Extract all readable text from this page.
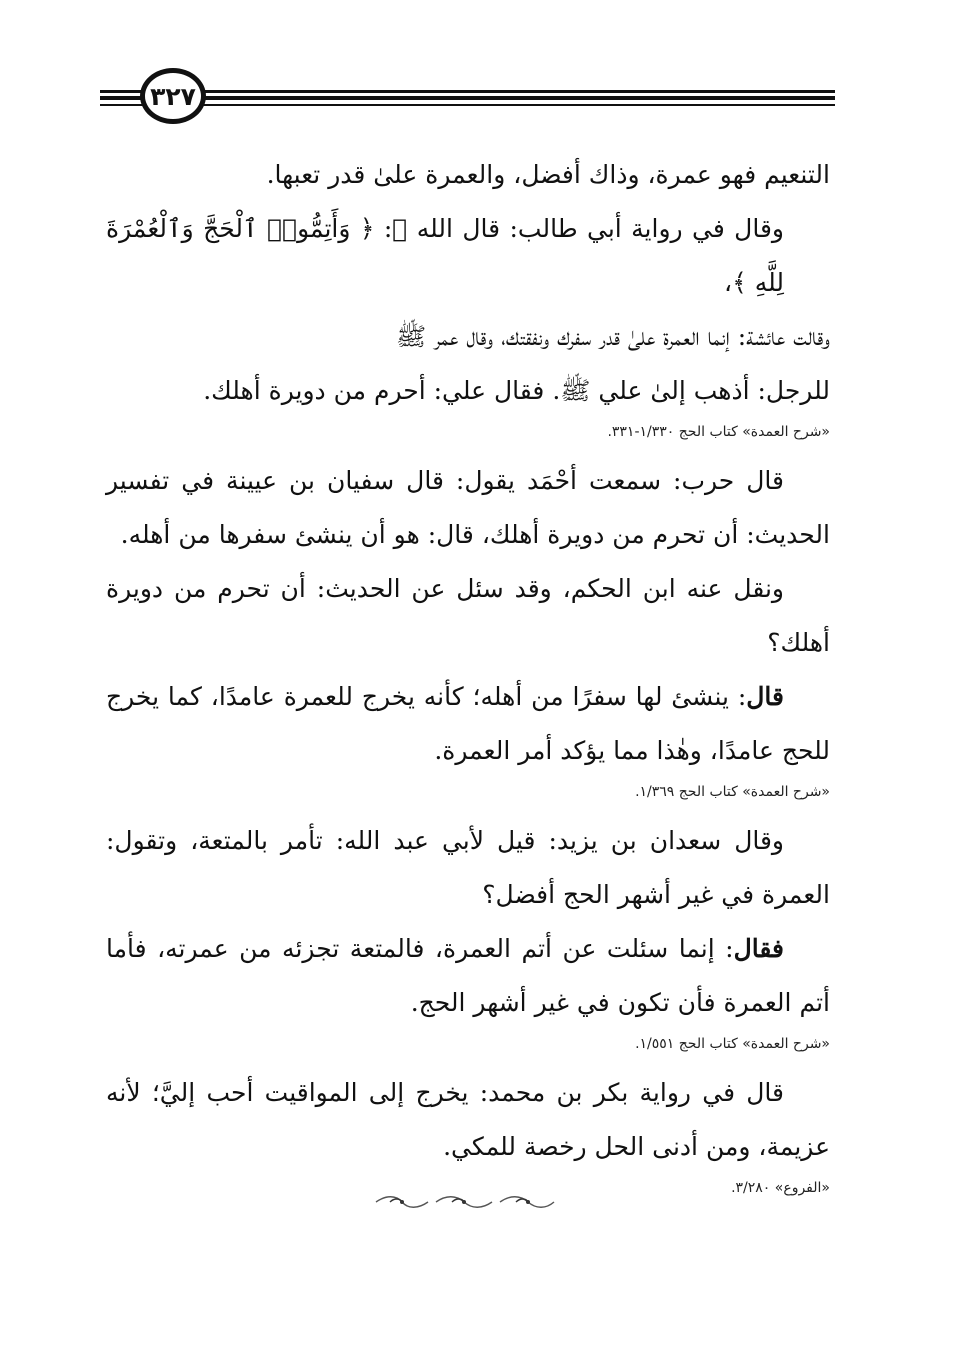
٣٢٧

التنعيم فهو عمرة، وذاك أفضل، والعمرة علىٰ قدر تعبها.
وقال في رواية أبي طالب: قال الله ﷻ: ﴿ وَأَتِمُّوا۟ ٱلْحَجَّ وَٱلْعُمْرَةَ لِلَّهِ ﴾،
وقالت عائشة: إنما العمرة علىٰ قدر سفرك ونفقتك، وقال عمر ﷺ
للرجل: أذهب إلىٰ علي ﷺ. فقال علي: أحرم من دويرة أهلك.

«شرح العمدة» كتاب الحج ١/٣٣٠-٣٣١.

قال حرب: سمعت أحْمَد يقول: قال سفيان بن عيينة في تفسير الحديث: أن تحرم من دويرة أهلك، قال: هو أن ينشئ سفرها من أهله.

ونقل عنه ابن الحكم، وقد سئل عن الحديث: أن تحرم من دويرة أهلك؟

قال: ينشئ لها سفرًا من أهله؛ كأنه يخرج للعمرة عامدًا، كما يخرج للحج عامدًا، وهٰذا مما يؤكد أمر العمرة.

«شرح العمدة» كتاب الحج ١/٣٦٩.

وقال سعدان بن يزيد: قيل لأبي عبد الله: تأمر بالمتعة، وتقول: العمرة في غير أشهر الحج أفضل؟

فقال: إنما سئلت عن أتم العمرة، فالمتعة تجزئه من عمرته، فأما أتم العمرة فأن تكون في غير أشهر الحج.

«شرح العمدة» كتاب الحج ١/٥٥١.

قال في رواية بكر بن محمد: يخرج إلى المواقيت أحب إليَّ؛ لأنه عزيمة، ومن أدنى الحل رخصة للمكي.

«الفروع» ٣/٢٨٠.
